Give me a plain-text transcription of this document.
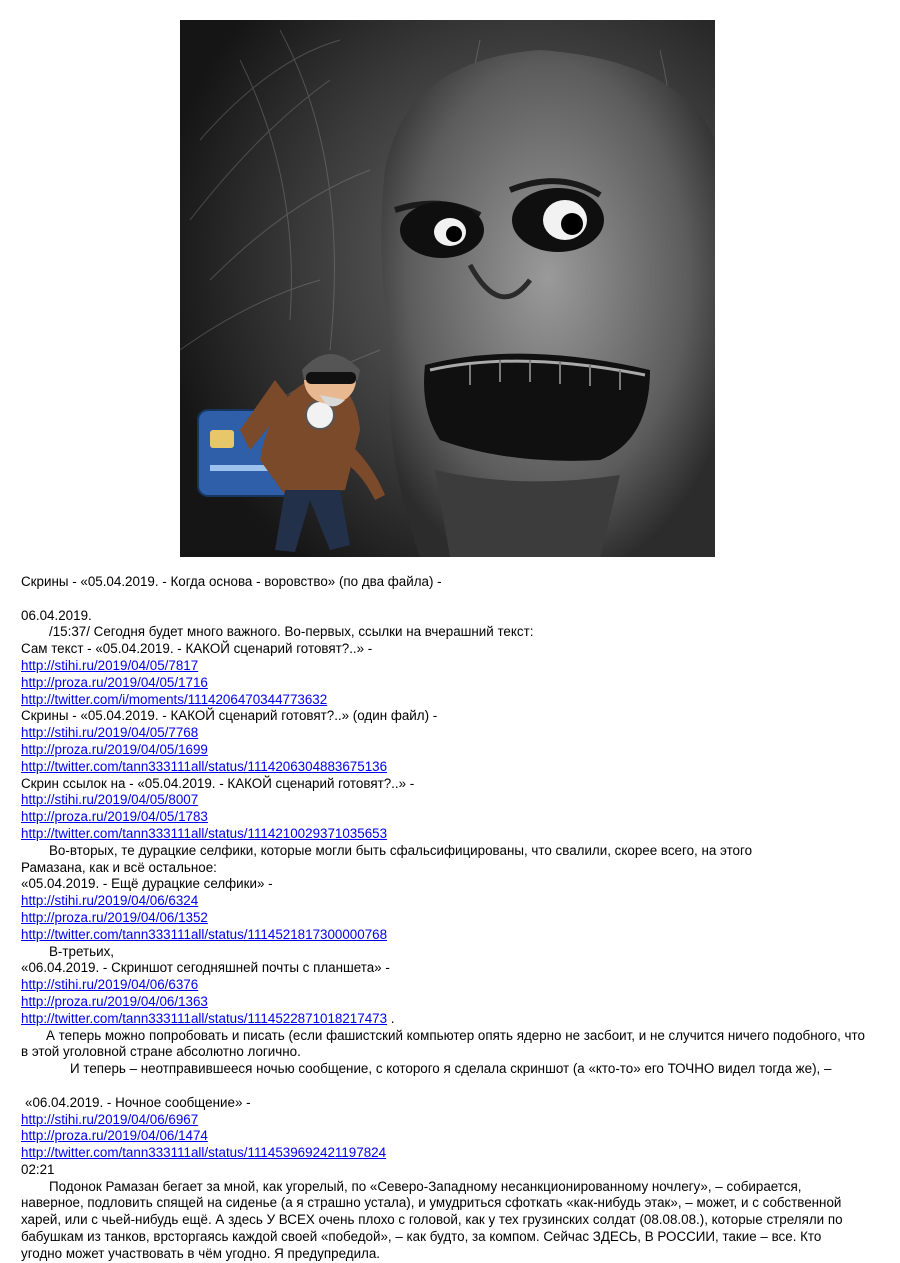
Скрины - «05.04.2019. - Когда основа - воровство» (по два файла) -

06.04.2019.

/15:37/ Сегодня будет много важного. Во-первых, ссылки на вчерашний текст:

Сам текст - «05.04.2019. - КАКОЙ сценарий готовят?..» -

http://stihi.ru/2019/04/05/7817

http://proza.ru/2019/04/05/1716

http://twitter.com/i/moments/1114206470344773632

Скрины - «05.04.2019. - КАКОЙ сценарий готовят?..» (один файл) -

http://stihi.ru/2019/04/05/7768

http://proza.ru/2019/04/05/1699

http://twitter.com/tann333111all/status/1114206304883675136

Скрин ссылок на - «05.04.2019. - КАКОЙ сценарий готовят?..» -

http://stihi.ru/2019/04/05/8007

http://proza.ru/2019/04/05/1783

http://twitter.com/tann333111all/status/1114210029371035653

Во-вторых, те дурацкие селфики, которые могли быть сфальсифицированы, что свалили, скорее всего, на этого Рамазана, как и всё остальное:

«05.04.2019. - Ещё дурацкие селфики» -

http://stihi.ru/2019/04/06/6324

http://proza.ru/2019/04/06/1352

http://twitter.com/tann333111all/status/1114521817300000768

В-третьих,

«06.04.2019. - Скриншот сегодняшней почты с планшета» -

http://stihi.ru/2019/04/06/6376

http://proza.ru/2019/04/06/1363

http://twitter.com/tann333111all/status/1114522871018217473 .

А теперь можно попробовать и писать (если фашистский компьютер опять ядерно не засбоит, и не случится ничего подобного, что в этой уголовной стране абсолютно логично.

И теперь – неотправившееся ночью сообщение, с которого я сделала скриншот (а «кто-то» его ТОЧНО видел тогда же), –

«06.04.2019. - Ночное сообщение» -

http://stihi.ru/2019/04/06/6967

http://proza.ru/2019/04/06/1474

http://twitter.com/tann333111all/status/1114539692421197824

02:21

Подонок Рамазан бегает за мной, как угорелый, по «Северо-Западному несанкционированному ночлегу», – собирается, наверное, подловить спящей на сиденье (а я страшно устала), и умудриться сфоткать «как-нибудь этак», – может, и с собственной харей, или с чьей-нибудь ещё. А здесь У ВСЕХ очень плохо с головой, как у тех грузинских солдат (08.08.08.), которые стреляли по бабушкам из танков, врсторгаясь каждой своей «победой», – как будто, за компом. Сейчас ЗДЕСЬ, В РОССИИ, такие – все. Кто угодно может участвовать в чём угодно. Я предупредила.
